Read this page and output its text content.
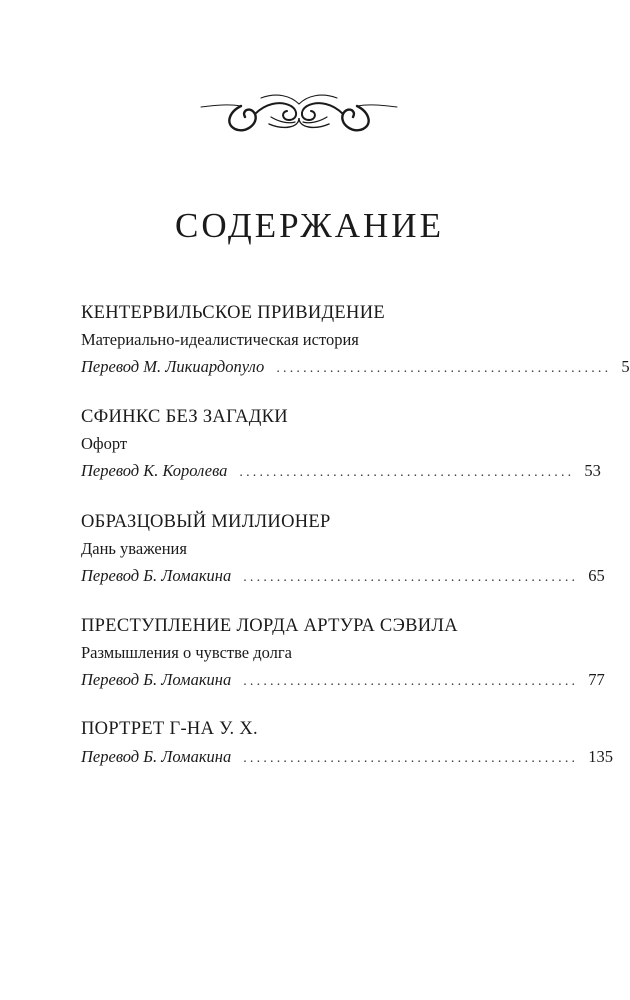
СОДЕРЖАНИЕ
КЕНТЕРВИЛЬСКОЕ ПРИВИДЕНИЕ
Материально-идеалистическая история
Перевод М. Ликиардопуло .................................................. 5
СФИНКС БЕЗ ЗАГАДКИ
Офорт
Перевод К. Королева .................................................. 53
ОБРАЗЦОВЫЙ МИЛЛИОНЕР
Дань уважения
Перевод Б. Ломакина .................................................. 65
ПРЕСТУПЛЕНИЕ ЛОРДА АРТУРА СЭВИЛА
Размышления о чувстве долга
Перевод Б. Ломакина .................................................. 77
ПОРТРЕТ Г-НА У. Х.
Перевод Б. Ломакина .................................................. 135
